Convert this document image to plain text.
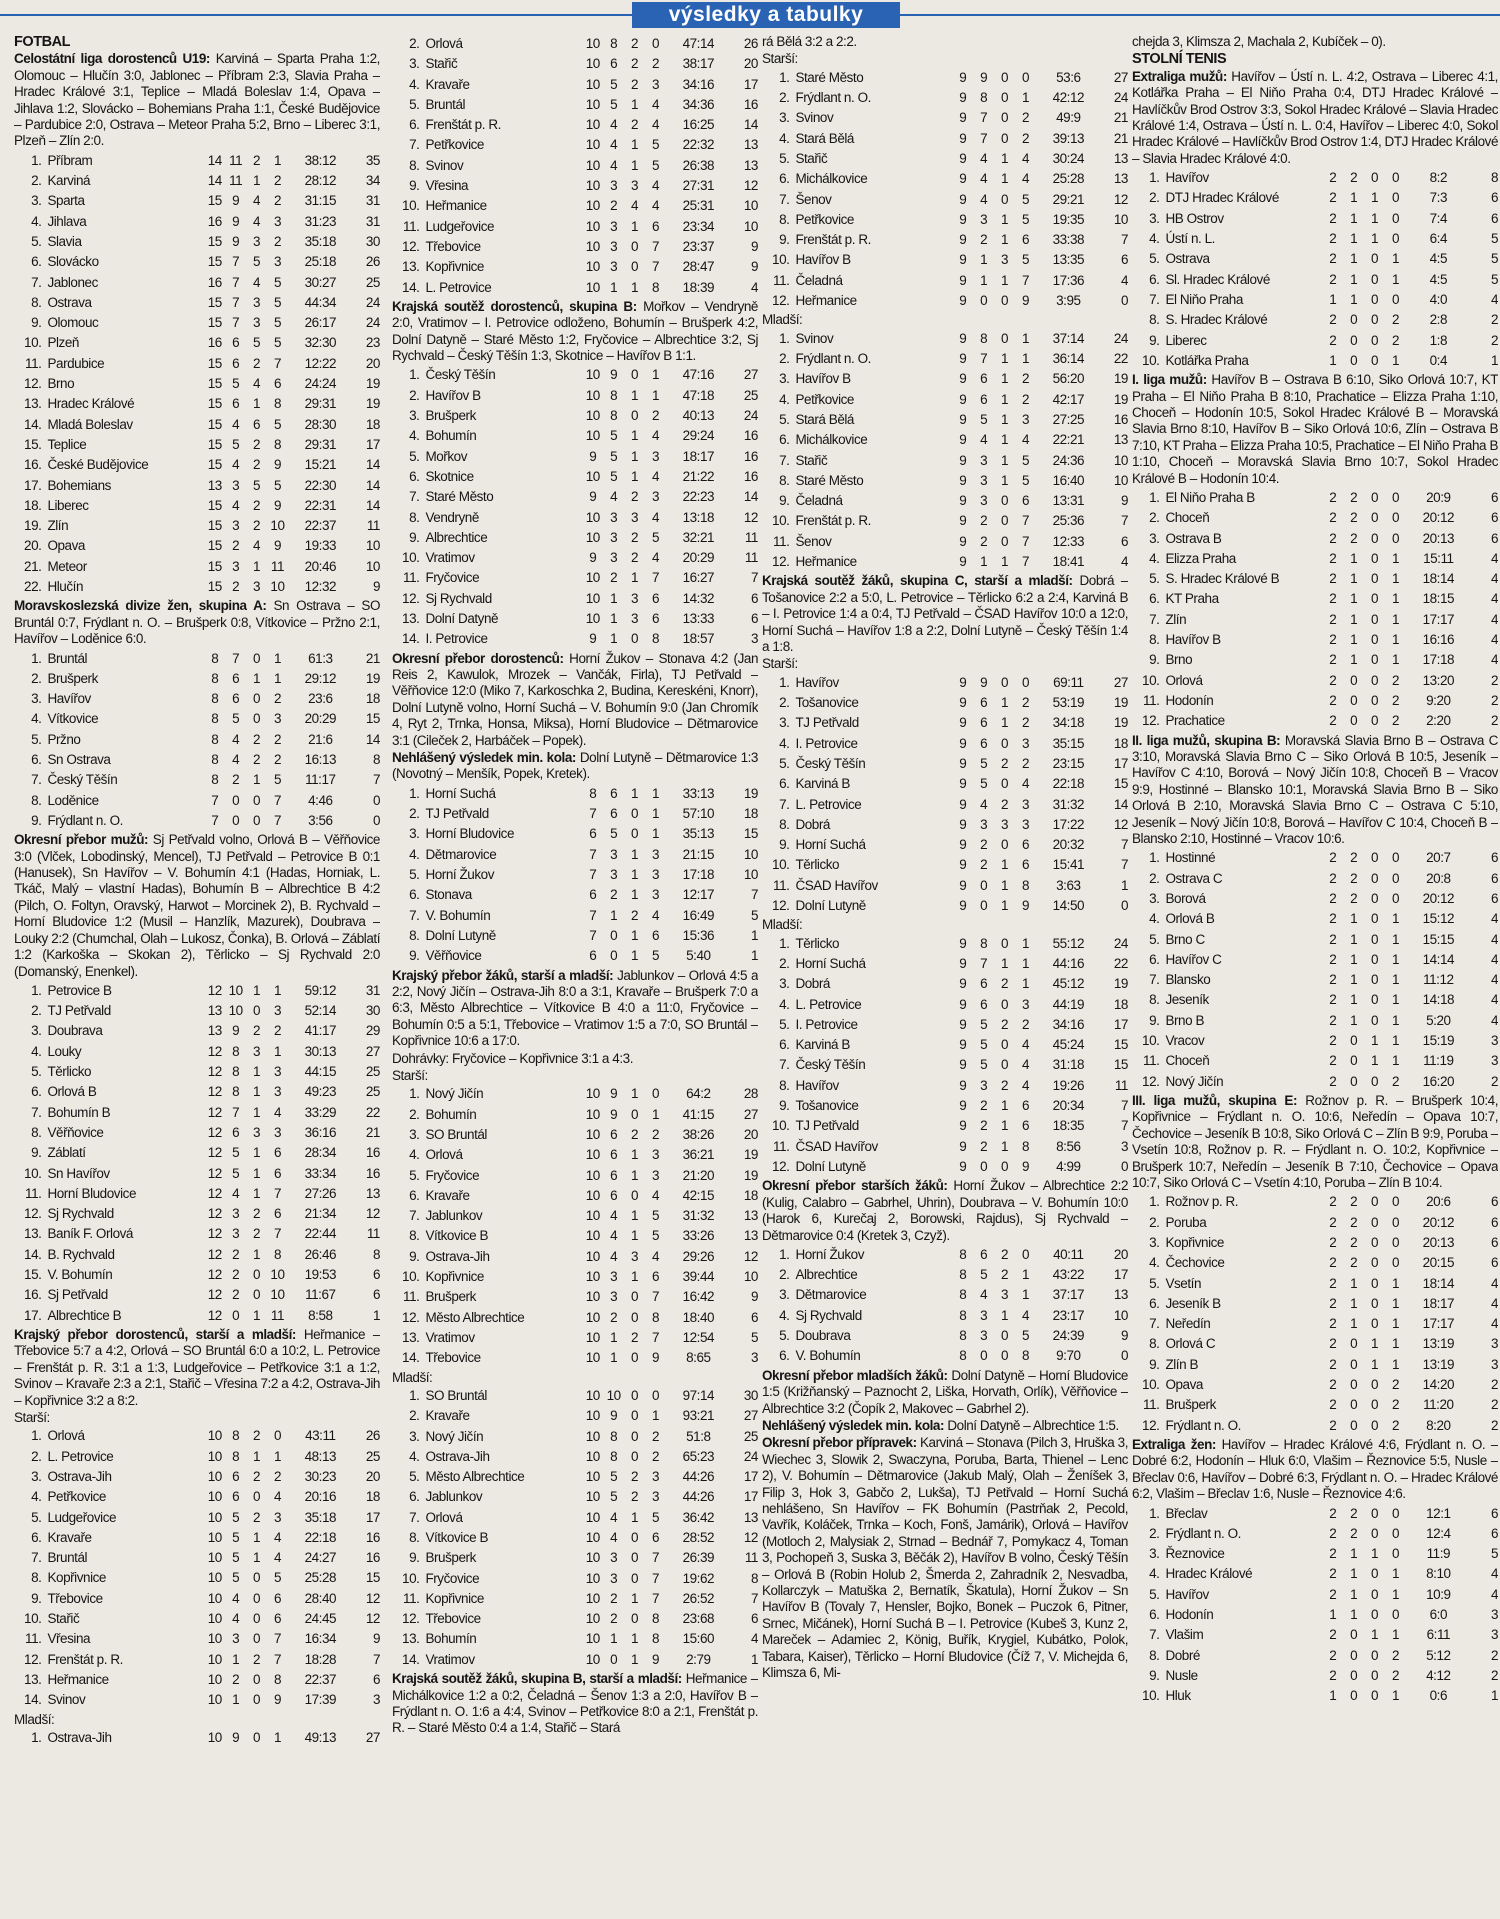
výsledky a tabulky
FOTBAL

Celostátní liga dorostenců U19: Karviná – Sparta Praha 1:2, Olomouc – Hlučín 3:0, Jablonec – Příbram 2:3, Slavia Praha – Hradec Králové 3:1, Teplice – Mladá Boleslav 1:4, Opava – Jihlava 1:2, Slovácko – Bohemians Praha 1:1, České Budějovice – Pardubice 2:0, Ostrava – Meteor Praha 5:2, Brno – Liberec 3:1, Plzeň – Zlín 2:0.

1.	Příbram	14	11	2	1	38:12	35
2.	Karviná	14	11	1	2	28:12	34
3.	Sparta	15	9	4	2	31:15	31
4.	Jihlava	16	9	4	3	31:23	31
5.	Slavia	15	9	3	2	35:18	30
6.	Slovácko	15	7	5	3	25:18	26
7.	Jablonec	16	7	4	5	30:27	25
8.	Ostrava	15	7	3	5	44:34	24
9.	Olomouc	15	7	3	5	26:17	24
10.	Plzeň	16	6	5	5	32:30	23
11.	Pardubice	15	6	2	7	12:22	20
12.	Brno	15	5	4	6	24:24	19
13.	Hradec Králové	15	6	1	8	29:31	19
14.	Mladá Boleslav	15	4	6	5	28:30	18
15.	Teplice	15	5	2	8	29:31	17
16.	České Budějovice	15	4	2	9	15:21	14
17.	Bohemians	13	3	5	5	22:30	14
18.	Liberec	15	4	2	9	22:31	14
19.	Zlín	15	3	2	10	22:37	11
20.	Opava	15	2	4	9	19:33	10
21.	Meteor	15	3	1	11	20:46	10
22.	Hlučín	15	2	3	10	12:32	9

Moravskoslezská divize žen, skupina A: Sn Ostrava – SO Bruntál 0:7, Frýdlant n. O. – Brušperk 0:8, Vítkovice – Pržno 2:1, Havířov – Loděnice 6:0.

1.	Bruntál	8	7	0	1	61:3	21
2.	Brušperk	8	6	1	1	29:12	19
3.	Havířov	8	6	0	2	23:6	18
4.	Vítkovice	8	5	0	3	20:29	15
5.	Pržno	8	4	2	2	21:6	14
6.	Sn Ostrava	8	4	2	2	16:13	8
7.	Český Těšín	8	2	1	5	11:17	7
8.	Loděnice	7	0	0	7	4:46	0
9.	Frýdlant n. O.	7	0	0	7	3:56	0

Okresní přebor mužů: Sj Petřvald volno, Orlová B – Věřňovice 3:0 (Vlček, Lobodinský, Mencel), TJ Petřvald – Petrovice B 0:1 (Hanusek), Sn Havířov – V. Bohumín 4:1 (Hadas, Horniak, L. Tkáč, Malý – vlastní Hadas), Bohumín B – Albrechtice B 4:2 (Pilch, O. Foltyn, Oravský, Harwot – Morcinek 2), B. Rychvald – Horní Bludovice 1:2 (Musil – Hanzlík, Mazurek), Doubrava – Louky 2:2 (Chumchal, Olah – Lukosz, Čonka), B. Orlová – Záblatí 1:2 (Karkoška – Skokan 2), Těrlicko – Sj Rychvald 2:0 (Domanský, Enenkel).

1.	Petrovice B	12	10	1	1	59:12	31
2.	TJ Petřvald	13	10	0	3	52:14	30
3.	Doubrava	13	9	2	2	41:17	29
4.	Louky	12	8	3	1	30:13	27
5.	Těrlicko	12	8	1	3	44:15	25
6.	Orlová B	12	8	1	3	49:23	25
7.	Bohumín B	12	7	1	4	33:29	22
8.	Věřňovice	12	6	3	3	36:16	21
9.	Záblatí	12	5	1	6	28:34	16
10.	Sn Havířov	12	5	1	6	33:34	16
11.	Horní Bludovice	12	4	1	7	27:26	13
12.	Sj Rychvald	12	3	2	6	21:34	12
13.	Baník F. Orlová	12	3	2	7	22:44	11
14.	B. Rychvald	12	2	1	8	26:46	8
15.	V. Bohumín	12	2	0	10	19:53	6
16.	Sj Petřvald	12	2	0	10	11:67	6
17.	Albrechtice B	12	0	1	11	8:58	1

Krajský přebor dorostenců, starší a mladší: Heřmanice – Třebovice 5:7 a 4:2, Orlová – SO Bruntál 6:0 a 10:2, L. Petrovice – Frenštát p. R. 3:1 a 1:3, Ludgeřovice – Petřkovice 3:1 a 1:2, Svinov – Kravaře 2:3 a 2:1, Stařič – Vřesina 7:2 a 4:2, Ostrava-Jih – Kopřivnice 3:2 a 8:2.

Starší:
1.	Orlová	10	8	2	0	43:11	26
2.	L. Petrovice	10	8	1	1	48:13	25
3.	Ostrava-Jih	10	6	2	2	30:23	20
4.	Petřkovice	10	6	0	4	20:16	18
5.	Ludgeřovice	10	5	2	3	35:18	17
6.	Kravaře	10	5	1	4	22:18	16
7.	Bruntál	10	5	1	4	24:27	16
8.	Kopřivnice	10	5	0	5	25:28	15
9.	Třebovice	10	4	0	6	28:40	12
10.	Stařič	10	4	0	6	24:45	12
11.	Vřesina	10	3	0	7	16:34	9
12.	Frenštát p. R.	10	1	2	7	18:28	7
13.	Heřmanice	10	2	0	8	22:37	6
14.	Svinov	10	1	0	9	17:39	3
Mladší:
1.	Ostrava-Jih	10	9	0	1	49:13	27
2.	Orlová	10	8	2	0	47:14	26
3.	Stařič	10	6	2	2	38:17	20
4.	Kravaře	10	5	2	3	34:16	17
5.	Bruntál	10	5	1	4	34:36	16
6.	Frenštát p. R.	10	4	2	4	16:25	14
7.	Petřkovice	10	4	1	5	22:32	13
8.	Svinov	10	4	1	5	26:38	13
9.	Vřesina	10	3	3	4	27:31	12
10.	Heřmanice	10	2	4	4	25:31	10
11.	Ludgeřovice	10	3	1	6	23:34	10
12.	Třebovice	10	3	0	7	23:37	9
13.	Kopřivnice	10	3	0	7	28:47	9
14.	L. Petrovice	10	1	1	8	18:39	4

Krajská soutěž dorostenců, skupina B: Mořkov – Vendryně 2:0, Vratimov – I. Petrovice odloženo, Bohumín – Brušperk 4:2, Dolní Datyně – Staré Město 1:2, Fryčovice – Albrechtice 3:2, Sj Rychvald – Český Těšín 1:3, Skotnice – Havířov B 1:1.

1.	Český Těšín	10	9	0	1	47:16	27
2.	Havířov B	10	8	1	1	47:18	25
3.	Brušperk	10	8	0	2	40:13	24
4.	Bohumín	10	5	1	4	29:24	16
5.	Mořkov	9	5	1	3	18:17	16
6.	Skotnice	10	5	1	4	21:22	16
7.	Staré Město	9	4	2	3	22:23	14
8.	Vendryně	10	3	3	4	13:18	12
9.	Albrechtice	10	3	2	5	32:21	11
10.	Vratimov	9	3	2	4	20:29	11
11.	Fryčovice	10	2	1	7	16:27	7
12.	Sj Rychvald	10	1	3	6	14:32	6
13.	Dolní Datyně	10	1	3	6	13:33	6
14.	I. Petrovice	9	1	0	8	18:57	3

Okresní přebor dorostenců: Horní Žukov – Stonava 4:2 (Jan Reis 2, Kawulok, Mrozek – Vančák, Firla), TJ Petřvald – Věřňovice 12:0 (Miko 7, Karkoschka 2, Budina, Kereskéni, Knorr), Dolní Lutyně volno, Horní Suchá – V. Bohumín 9:0 (Jan Chromík 4, Ryt 2, Trnka, Honsa, Miksa), Horní Bludovice – Dětmarovice 3:1 (Cileček 2, Harbáček – Popek).

Nehlášený výsledek min. kola: Dolní Lutyně – Dětmarovice 1:3 (Novotný – Menšík, Popek, Kretek).

1.	Horní Suchá	8	6	1	1	33:13	19
2.	TJ Petřvald	7	6	0	1	57:10	18
3.	Horní Bludovice	6	5	0	1	35:13	15
4.	Dětmarovice	7	3	1	3	21:15	10
5.	Horní Žukov	7	3	1	3	17:18	10
6.	Stonava	6	2	1	3	12:17	7
7.	V. Bohumín	7	1	2	4	16:49	5
8.	Dolní Lutyně	7	0	1	6	15:36	1
9.	Věřňovice	6	0	1	5	5:40	1

Krajský přebor žáků, starší a mladší: Jablunkov – Orlová 4:5 a 2:2, Nový Jičín – Ostrava-Jih 8:0 a 3:1, Kravaře – Brušperk 7:0 a 6:3, Město Albrechtice – Vítkovice B 4:0 a 11:0, Fryčovice – Bohumín 0:5 a 5:1, Třebovice – Vratimov 1:5 a 7:0, SO Bruntál – Kopřivnice 10:6 a 17:0.

Dohrávky: Fryčovice – Kopřivnice 3:1 a 4:3.

Starší:
1.	Nový Jičín	10	9	1	0	64:2	28
2.	Bohumín	10	9	0	1	41:15	27
3.	SO Bruntál	10	6	2	2	38:26	20
4.	Orlová	10	6	1	3	36:21	19
5.	Fryčovice	10	6	1	3	21:20	19
6.	Kravaře	10	6	0	4	42:15	18
7.	Jablunkov	10	4	1	5	31:32	13
8.	Vítkovice B	10	4	1	5	33:26	13
9.	Ostrava-Jih	10	4	3	4	29:26	12
10.	Kopřivnice	10	3	1	6	39:44	10
11.	Brušperk	10	3	0	7	16:42	9
12.	Město Albrechtice	10	2	0	8	18:40	6
13.	Vratimov	10	1	2	7	12:54	5
14.	Třebovice	10	1	0	9	8:65	3
Mladší:
1.	SO Bruntál	10	10	0	0	97:14	30
2.	Kravaře	10	9	0	1	93:21	27
3.	Nový Jičín	10	8	0	2	51:8	25
4.	Ostrava-Jih	10	8	0	2	65:23	24
5.	Město Albrechtice	10	5	2	3	44:26	17
6.	Jablunkov	10	5	2	3	44:26	17
7.	Orlová	10	4	1	5	36:42	13
8.	Vítkovice B	10	4	0	6	28:52	12
9.	Brušperk	10	3	0	7	26:39	11
10.	Fryčovice	10	3	0	7	19:62	8
11.	Kopřivnice	10	2	1	7	26:52	7
12.	Třebovice	10	2	0	8	23:68	6
13.	Bohumín	10	1	1	8	15:60	4
14.	Vratimov	10	0	1	9	2:79	1

Krajská soutěž žáků, skupina B, starší a mladší: Heřmanice – Michálkovice 1:2 a 0:2, Čeladná – Šenov 1:3 a 2:0, Havířov B – Frýdlant n. O. 1:6 a 4:4, Svinov – Petřkovice 8:0 a 2:1, Frenštát p. R. – Staré Město 0:4 a 1:4, Stařič – Stará

rá Bělá 3:2 a 2:2.

Starší:
1.	Staré Město	9	9	0	0	53:6	27
2.	Frýdlant n. O.	9	8	0	1	42:12	24
3.	Svinov	9	7	0	2	49:9	21
4.	Stará Bělá	9	7	0	2	39:13	21
5.	Stařič	9	4	1	4	30:24	13
6.	Michálkovice	9	4	1	4	25:28	13
7.	Šenov	9	4	0	5	29:21	12
8.	Petřkovice	9	3	1	5	19:35	10
9.	Frenštát p. R.	9	2	1	6	33:38	7
10.	Havířov B	9	1	3	5	13:35	6
11.	Čeladná	9	1	1	7	17:36	4
12.	Heřmanice	9	0	0	9	3:95	0
Mladší:
1.	Svinov	9	8	0	1	37:14	24
2.	Frýdlant n. O.	9	7	1	1	36:14	22
3.	Havířov B	9	6	1	2	56:20	19
4.	Petřkovice	9	6	1	2	42:17	19
5.	Stará Bělá	9	5	1	3	27:25	16
6.	Michálkovice	9	4	1	4	22:21	13
7.	Stařič	9	3	1	5	24:36	10
8.	Staré Město	9	3	1	5	16:40	10
9.	Čeladná	9	3	0	6	13:31	9
10.	Frenštát p. R.	9	2	0	7	25:36	7
11.	Šenov	9	2	0	7	12:33	6
12.	Heřmanice	9	1	1	7	18:41	4

Krajská soutěž žáků, skupina C, starší a mladší: Dobrá – Tošanovice 2:2 a 5:0, L. Petrovice – Těrlicko 6:2 a 2:4, Karviná B – I. Petrovice 1:4 a 0:4, TJ Petřvald – ČSAD Havířov 10:0 a 12:0, Horní Suchá – Havířov 1:8 a 2:2, Dolní Lutyně – Český Těšín 1:4 a 1:8.

Starší:
1.	Havířov	9	9	0	0	69:11	27
2.	Tošanovice	9	6	1	2	53:19	19
3.	TJ Petřvald	9	6	1	2	34:18	19
4.	I. Petrovice	9	6	0	3	35:15	18
5.	Český Těšín	9	5	2	2	23:15	17
6.	Karviná B	9	5	0	4	22:18	15
7.	L. Petrovice	9	4	2	3	31:32	14
8.	Dobrá	9	3	3	3	17:22	12
9.	Horní Suchá	9	2	0	6	20:32	7
10.	Těrlicko	9	2	1	6	15:41	7
11.	ČSAD Havířov	9	0	1	8	3:63	1
12.	Dolní Lutyně	9	0	1	9	14:50	0
Mladší:
1.	Těrlicko	9	8	0	1	55:12	24
2.	Horní Suchá	9	7	1	1	44:16	22
3.	Dobrá	9	6	2	1	45:12	19
4.	L. Petrovice	9	6	0	3	44:19	18
5.	I. Petrovice	9	5	2	2	34:16	17
6.	Karviná B	9	5	0	4	45:24	15
7.	Český Těšín	9	5	0	4	31:18	15
8.	Havířov	9	3	2	4	19:26	11
9.	Tošanovice	9	2	1	6	20:34	7
10.	TJ Petřvald	9	2	1	6	18:35	7
11.	ČSAD Havířov	9	2	1	8	8:56	3
12.	Dolní Lutyně	9	0	0	9	4:99	0

Okresní přebor starších žáků: Horní Žukov – Albrechtice 2:2 (Kulig, Calabro – Gabrhel, Uhrin), Doubrava – V. Bohumín 10:0 (Harok 6, Kurečaj 2, Borowski, Rajdus), Sj Rychvald – Dětmarovice 0:4 (Kretek 3, Czyž).

1.	Horní Žukov	8	6	2	0	40:11	20
2.	Albrechtice	8	5	2	1	43:22	17
3.	Dětmarovice	8	4	3	1	37:17	13
4.	Sj Rychvald	8	3	1	4	23:17	10
5.	Doubrava	8	3	0	5	24:39	9
6.	V. Bohumín	8	0	0	8	9:70	0

Okresní přebor mladších žáků: Dolní Datyně – Horní Bludovice 1:5 (Križňanský – Paznocht 2, Liška, Horvath, Orlík), Věřňovice – Albrechtice 3:2 (Čopík 2, Makovec – Gabrhel 2).

Nehlášený výsledek min. kola: Dolní Datyně – Albrechtice 1:5.

Okresní přebor přípravek: Karviná – Stonava (Pilch 3, Hruška 3, Wiechec 3, Slowik 2, Swaczyna, Poruba, Barta, Thienel – Lenc 2), V. Bohumín – Dětmarovice (Jakub Malý, Olah – Ženíšek 3, Filip 3, Hok 3, Gabčo 2, Lukša), TJ Petřvald – Horní Suchá nehlášeno, Sn Havířov – FK Bohumín (Pastrňak 2, Pecold, Vavřík, Koláček, Trnka – Koch, Fonš, Jamárik), Orlová – Havířov (Motloch 2, Malysiak 2, Strnad – Bednář 7, Pomykacz 4, Toman 3, Pochopeň 3, Suska 3, Běčák 2), Havířov B volno, Český Těšín – Orlová B (Robin Holub 2, Šmerda 2, Zahradník 2, Nesvadba, Kollarczyk – Matuška 2, Bernatík, Škatula), Horní Žukov – Sn Havířov B (Tovaly 7, Hensler, Bojko, Bonek – Puczok 6, Pitner, Srnec, Mičánek), Horní Suchá B – I. Petrovice (Kubeš 3, Kunz 2, Mareček – Adamiec 2, König, Buřík, Krygiel, Kubátko, Polok, Tabara, Kaiser), Těrlicko – Horní Bludovice (Číž 7, V. Michejda 6, Klimsza 6, Mi-

chejda 3, Klimsza 2, Machala 2, Kubíček – 0).

STOLNÍ TENIS

Extraliga mužů: Havířov – Ústí n. L. 4:2, Ostrava – Liberec 4:1, Kotlářka Praha – El Niňo Praha 0:4, DTJ Hradec Králové – Havlíčkův Brod Ostrov 3:3, Sokol Hradec Králové – Slavia Hradec Králové 1:4, Ostrava – Ústí n. L. 0:4, Havířov – Liberec 4:0, Sokol Hradec Králové – Havlíčkův Brod Ostrov 1:4, DTJ Hradec Králové – Slavia Hradec Králové 4:0.

1.	Havířov	2	2	0	0	8:2	8
2.	DTJ Hradec Králové	2	1	1	0	7:3	6
3.	HB Ostrov	2	1	1	0	7:4	6
4.	Ústí n. L.	2	1	1	0	6:4	5
5.	Ostrava	2	1	0	1	4:5	5
6.	Sl. Hradec Králové	2	1	0	1	4:5	5
7.	El Niňo Praha	1	1	0	0	4:0	4
8.	S. Hradec Králové	2	0	0	2	2:8	2
9.	Liberec	2	0	0	2	1:8	2
10.	Kotlářka Praha	1	0	0	1	0:4	1

I. liga mužů: Havířov B – Ostrava B 6:10, Siko Orlová 10:7, KT Praha – El Niňo Praha B 8:10, Prachatice – Elizza Praha 1:10, Choceň – Hodonín 10:5, Sokol Hradec Králové B – Moravská Slavia Brno 8:10, Havířov B – Siko Orlová 10:6, Zlín – Ostrava B 7:10, KT Praha – Elizza Praha 10:5, Prachatice – El Niňo Praha B 1:10, Choceň – Moravská Slavia Brno 10:7, Sokol Hradec Králové B – Hodonín 10:4.

1.	El Niňo Praha B	2	2	0	0	20:9	6
2.	Choceň	2	2	0	0	20:12	6
3.	Ostrava B	2	2	0	0	20:13	6
4.	Elizza Praha	2	1	0	1	15:11	4
5.	S. Hradec Králové B	2	1	0	1	18:14	4
6.	KT Praha	2	1	0	1	18:15	4
7.	Zlín	2	1	0	1	17:17	4
8.	Havířov B	2	1	0	1	16:16	4
9.	Brno	2	1	0	1	17:18	4
10.	Orlová	2	0	0	2	13:20	2
11.	Hodonín	2	0	0	2	9:20	2
12.	Prachatice	2	0	0	2	2:20	2

II. liga mužů, skupina B: Moravská Slavia Brno B – Ostrava C 3:10, Moravská Slavia Brno C – Siko Orlová B 10:5, Jeseník – Havířov C 4:10, Borová – Nový Jičín 10:8, Choceň B – Vracov 9:9, Hostinné – Blansko 10:1, Moravská Slavia Brno B – Siko Orlová B 2:10, Moravská Slavia Brno C – Ostrava C 5:10, Jeseník – Nový Jičín 10:8, Borová – Havířov C 10:4, Choceň B – Blansko 2:10, Hostinné – Vracov 10:6.

1.	Hostinné	2	2	0	0	20:7	6
2.	Ostrava C	2	2	0	0	20:8	6
3.	Borová	2	2	0	0	20:12	6
4.	Orlová B	2	1	0	1	15:12	4
5.	Brno C	2	1	0	1	15:15	4
6.	Havířov C	2	1	0	1	14:14	4
7.	Blansko	2	1	0	1	11:12	4
8.	Jeseník	2	1	0	1	14:18	4
9.	Brno B	2	1	0	1	5:20	4
10.	Vracov	2	0	1	1	15:19	3
11.	Choceň	2	0	1	1	11:19	3
12.	Nový Jičín	2	0	0	2	16:20	2

III. liga mužů, skupina E: Rožnov p. R. – Brušperk 10:4, Kopřivnice – Frýdlant n. O. 10:6, Neředín – Opava 10:7, Čechovice – Jeseník B 10:8, Siko Orlová C – Zlín B 9:9, Poruba – Vsetín 10:8, Rožnov p. R. – Frýdlant n. O. 10:2, Kopřivnice – Brušperk 10:7, Neředín – Jeseník B 7:10, Čechovice – Opava 10:7, Siko Orlová C – Vsetín 4:10, Poruba – Zlín B 10:4.

1.	Rožnov p. R.	2	2	0	0	20:6	6
2.	Poruba	2	2	0	0	20:12	6
3.	Kopřivnice	2	2	0	0	20:13	6
4.	Čechovice	2	2	0	0	20:15	6
5.	Vsetín	2	1	0	1	18:14	4
6.	Jeseník B	2	1	0	1	18:17	4
7.	Neředín	2	1	0	1	17:17	4
8.	Orlová C	2	0	1	1	13:19	3
9.	Zlín B	2	0	1	1	13:19	3
10.	Opava	2	0	0	2	14:20	2
11.	Brušperk	2	0	0	2	11:20	2
12.	Frýdlant n. O.	2	0	0	2	8:20	2

Extraliga žen: Havířov – Hradec Králové 4:6, Frýdlant n. O. – Dobré 6:2, Hodonín – Hluk 6:0, Vlašim – Řeznovice 5:5, Nusle – Břeclav 0:6, Havířov – Dobré 6:3, Frýdlant n. O. – Hradec Králové 6:2, Vlašim – Břeclav 1:6, Nusle – Řeznovice 4:6.

1.	Břeclav	2	2	0	0	12:1	6
2.	Frýdlant n. O.	2	2	0	0	12:4	6
3.	Řeznovice	2	1	1	0	11:9	5
4.	Hradec Králové	2	1	0	1	8:10	4
5.	Havířov	2	1	0	1	10:9	4
6.	Hodonín	1	1	0	0	6:0	3
7.	Vlašim	2	0	1	1	6:11	3
8.	Dobré	2	0	0	2	5:12	2
9.	Nusle	2	0	0	2	4:12	2
10.	Hluk	1	0	0	1	0:6	1
